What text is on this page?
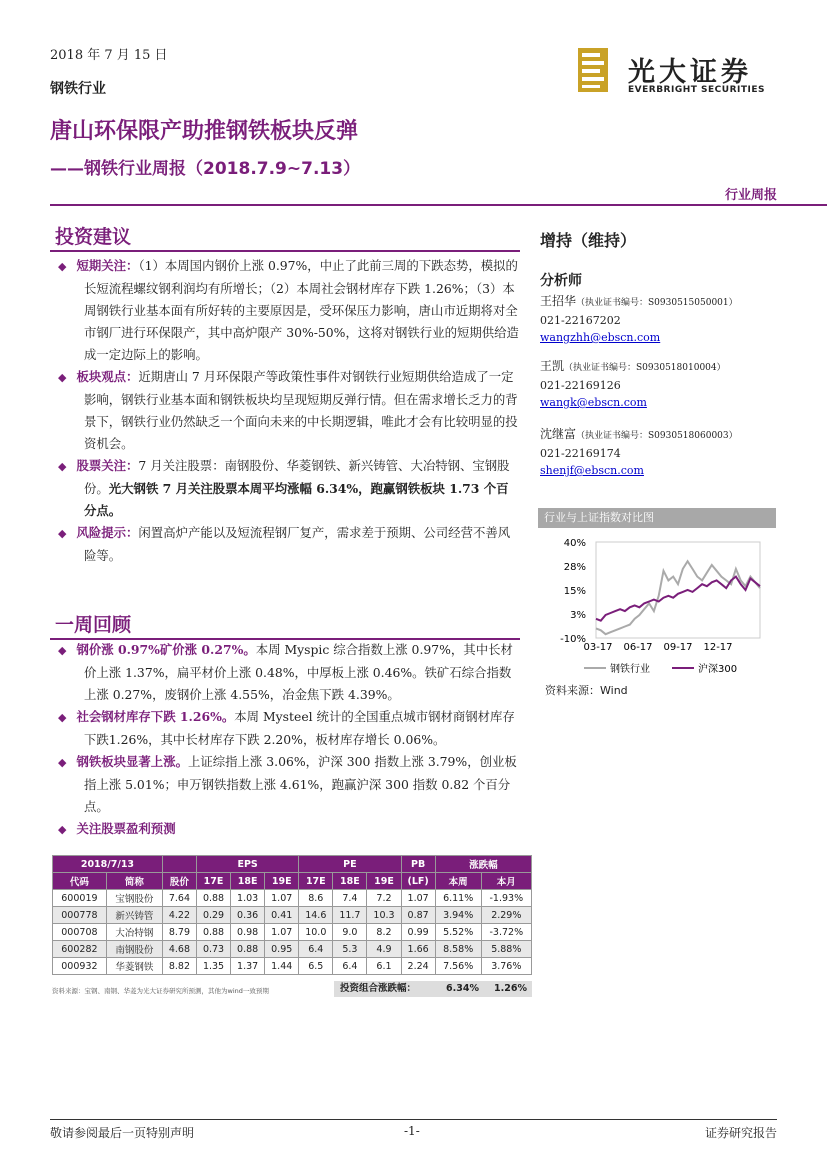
2018 年 7 月 15 日
钢铁行业
唐山环保限产助推钢铁板块反弹
——钢铁行业周报（2018.7.9~7.13）
行业周报
光大证券
EVERBRIGHT SECURITIES
投资建议

◆ 短期关注：（1）本周国内钢价上涨 0.97%，中止了此前三周的下跌态势，模拟的长短流程螺纹钢利润均有所增长；（2）本周社会钢材库存下跌 1.26%；（3）本周钢铁行业基本面有所好转的主要原因是，受环保压力影响，唐山市近期将对全市钢厂进行环保限产，其中高炉限产 30%-50%，这将对钢铁行业的短期供给造成一定边际上的影响。

◆ 板块观点：近期唐山 7 月环保限产等政策性事件对钢铁行业短期供给造成了一定影响，钢铁行业基本面和钢铁板块均呈现短期反弹行情。但在需求增长乏力的背景下，钢铁行业仍然缺乏一个面向未来的中长期逻辑，唯此才会有比较明显的投资机会。

◆ 股票关注：7 月关注股票：南钢股份、华菱钢铁、新兴铸管、大冶特钢、宝钢股份。光大钢铁 7 月关注股票本周平均涨幅 6.34%，跑赢钢铁板块 1.73 个百分点。

◆ 风险提示：闲置高炉产能以及短流程钢厂复产，需求差于预期、公司经营不善风险等。

增持（维持）
分析师
王招华（执业证书编号：S0930515050001）
021-22167202
wangzhh@ebscn.com
王凯（执业证书编号：S0930518010004）
021-22169126
wangk@ebscn.com
沈继富（执业证书编号：S0930518060003）
021-22169174
shenjf@ebscn.com
行业与上证指数对比图
40%
28%
15%
3%
-10%
03-17 06-17 09-17 12-17
钢铁行业	沪深300
资料来源：Wind
一周回顾

◆ 钢价涨 0.97%矿价涨 0.27%。本周 Myspic 综合指数上涨 0.97%，其中长材价上涨 1.37%，扁平材价上涨 0.48%，中厚板上涨 0.46%。铁矿石综合指数上涨 0.27%，废钢价上涨 4.55%，冶金焦下跌 4.39%。

◆ 社会钢材库存下跌 1.26%。本周 Mysteel 统计的全国重点城市钢材商钢材库存下跌1.26%，其中长材库存下跌 2.20%，板材库存增长 0.06%。

◆ 钢铁板块显著上涨。上证综指上涨 3.06%，沪深 300 指数上涨 3.79%，创业板指上涨 5.01%；申万钢铁指数上涨 4.61%，跑赢沪深 300 指数 0.82 个百分点。

◆ 关注股票盈利预测

2018/7/13			EPS			PE			PB	涨跌幅	
代码	简称	股价	17E	18E	19E	17E	18E	19E	(LF)	本周	本月
600019	宝钢股份	7.64	0.88	1.03	1.07	8.6	7.4	7.2	1.07	6.11%	-1.93%
000778	新兴铸管	4.22	0.29	0.36	0.41	14.6	11.7	10.3	0.87	3.94%	2.29%
000708	大冶特钢	8.79	0.88	0.98	1.07	10.0	9.0	8.2	0.99	5.52%	-3.72%
600282	南钢股份	4.68	0.73	0.88	0.95	6.4	5.3	4.9	1.66	8.58%	5.88%
000932	华菱钢铁	8.82	1.35	1.37	1.44	6.5	6.4	6.1	2.24	7.56%	3.76%
资料来源：宝钢、南钢、华菱为光大证券研究所预测，其他为wind一致预期	投资组合涨跌幅：	6.34% 1.26%
敬请参阅最后一页特别声明	-1-	证券研究报告
